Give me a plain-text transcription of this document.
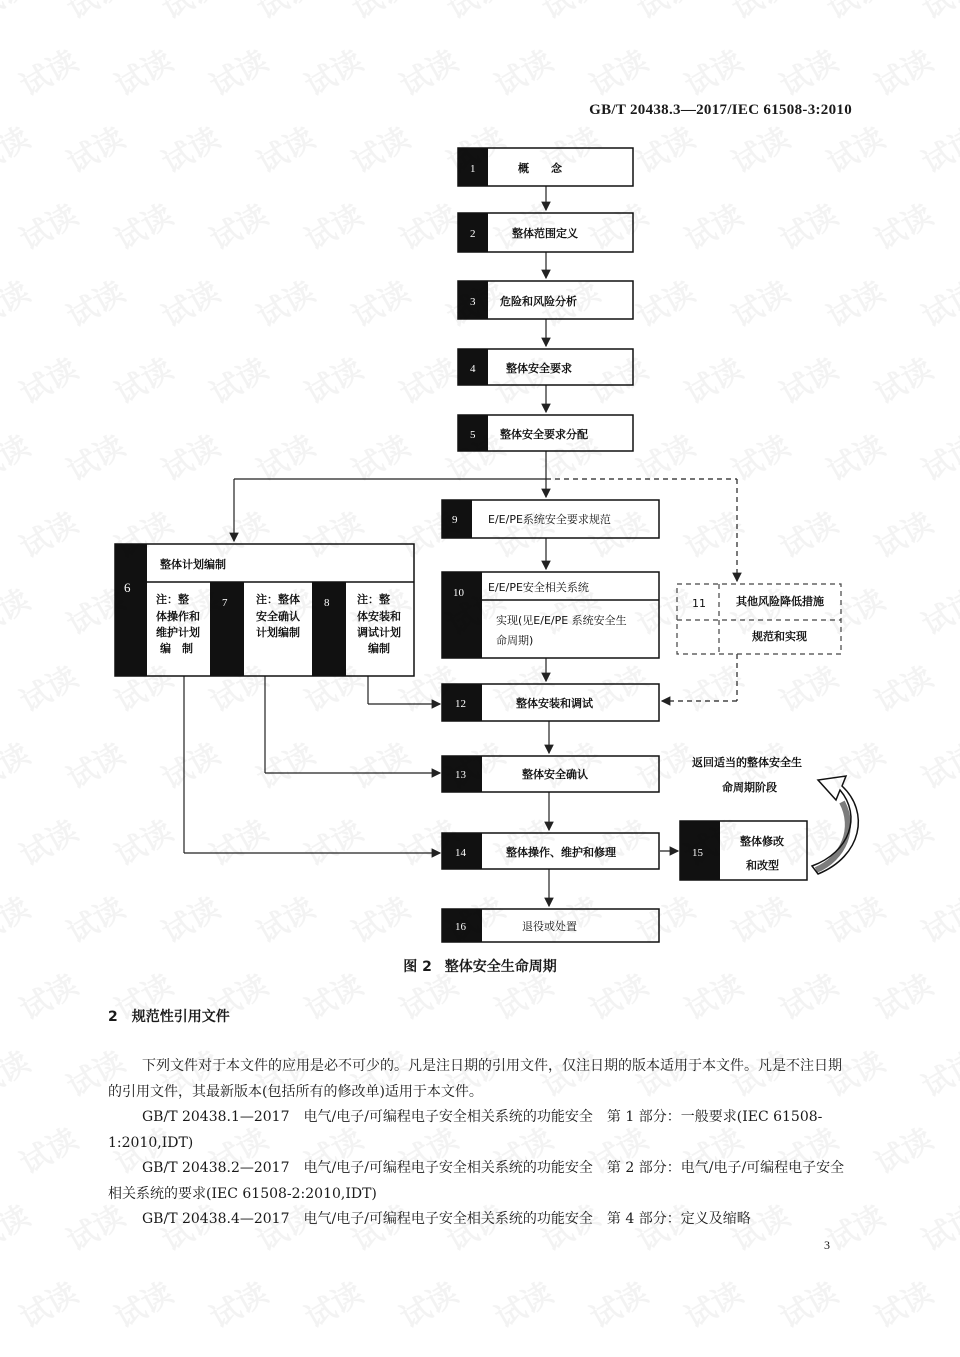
GB/T 20438.3—2017/IEC 61508-3:2010
1	概　　念
2	整体范围定义
3 危险和风险分析
4	整体安全要求
5 整体安全要求分配
6
整体计划编制
注：整
体操作和
维护计划
编　制
7	注：整体
安全确认
计划编制
8	注：整
体安装和
调试计划
编制
9	E/E/PE系统安全要求规范
10 E/E/PE安全相关系统
实现(见E/E/PE 系统安全生
命周期)
11	其他风险降低措施
规范和实现
12	整体安装和调试
13	整体安全确认
14	整体操作、维护和修理	15
整体修改
和改型
16	退役或处置
返回适当的整体安全生
命周期阶段
图 2 整体安全生命周期
2 规范性引用文件
下列文件对于本文件的应用是必不可少的。凡是注日期的引用文件，仅注日期的版本适用于本文件。凡是不注日期的引用文件，其最新版本(包括所有的修改单)适用于本文件。
GB/T 20438.1—2017　电气/电子/可编程电子安全相关系统的功能安全　第 1 部分：一般要求(IEC 61508-1:2010,IDT)
GB/T 20438.2—2017　电气/电子/可编程电子安全相关系统的功能安全　第 2 部分：电气/电子/可编程电子安全相关系统的要求(IEC 61508-2:2010,IDT)
GB/T 20438.4—2017　电气/电子/可编程电子安全相关系统的功能安全　第 4 部分：定义及缩略
3
